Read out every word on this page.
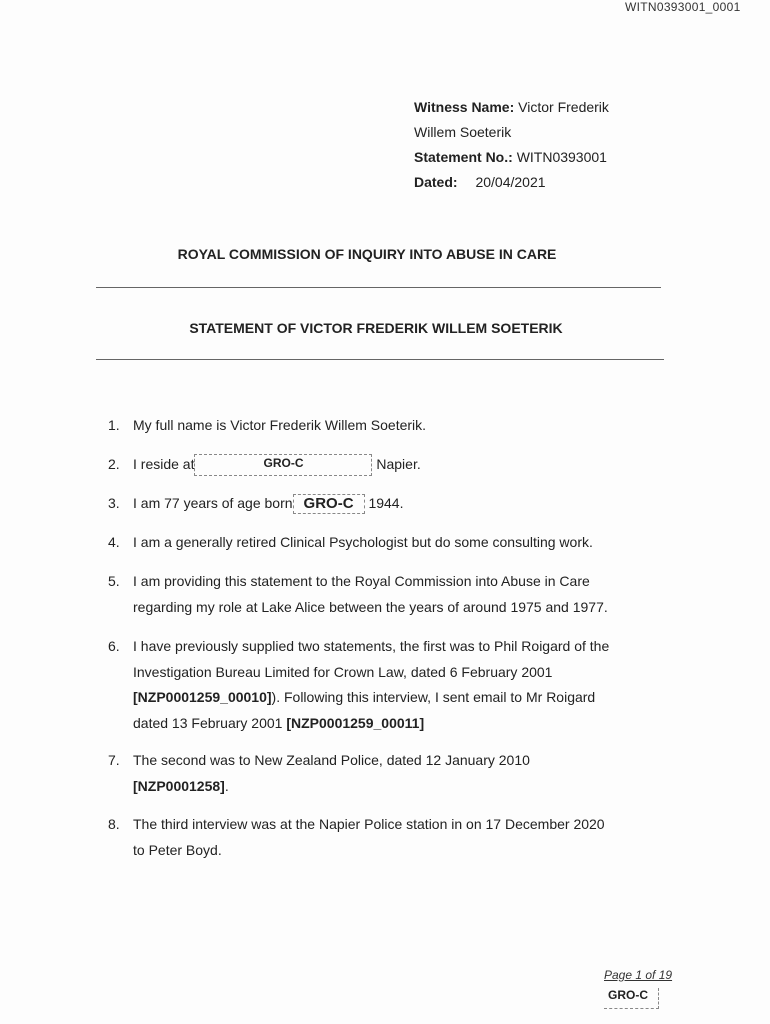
WITN0393001_0001
Witness Name: Victor Frederik
Willem Soeterik
Statement No.: WITN0393001
Dated: 20/04/2021
ROYAL COMMISSION OF INQUIRY INTO ABUSE IN CARE
STATEMENT OF VICTOR FREDERIK WILLEM SOETERIK
1. My full name is Victor Frederik Willem Soeterik.
2. I reside at	GRO-C	Napier.
3. I am 77 years of age born GRO-C 1944.
4. I am a generally retired Clinical Psychologist but do some consulting work.
5. I am providing this statement to the Royal Commission into Abuse in Care
regarding my role at Lake Alice between the years of around 1975 and 1977.
6. I have previously supplied two statements, the first was to Phil Roigard of the
Investigation Bureau Limited for Crown Law, dated 6 February 2001
[NZP0001259_00010]). Following this interview, I sent email to Mr Roigard
dated 13 February 2001 [NZP0001259_00011]
7. The second was to New Zealand Police, dated 12 January 2010
[NZP0001258].
8. The third interview was at the Napier Police station in on 17 December 2020
to Peter Boyd.
Page 1 of 19
GRO-C
